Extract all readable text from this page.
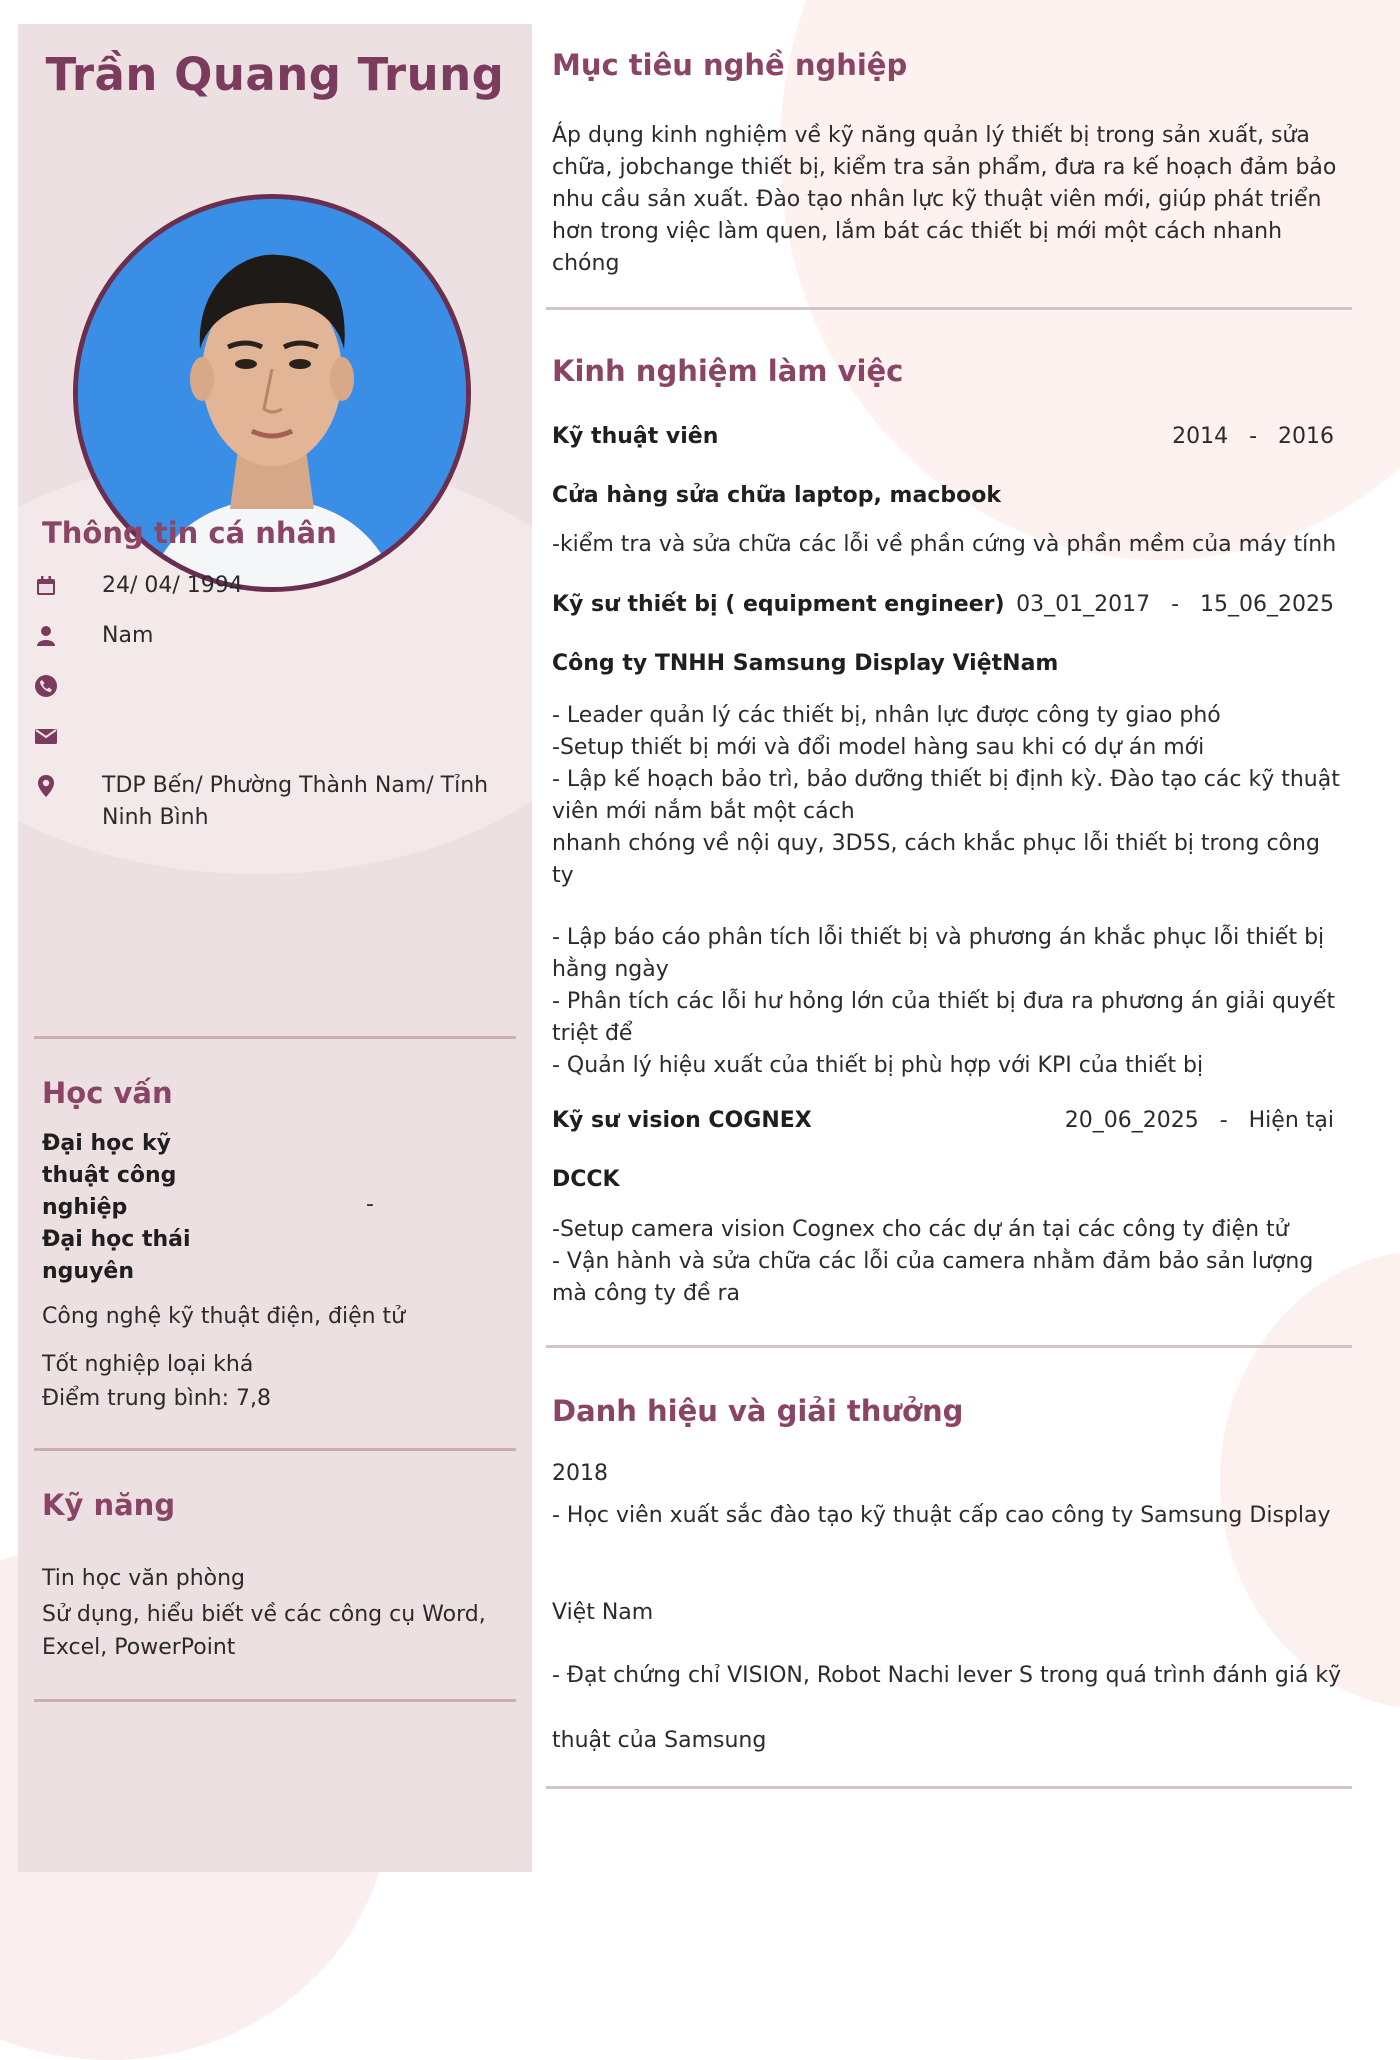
Trần Quang Trung
Thông tin cá nhân
24/ 04/ 1994
Nam
TDP Bến/ Phường Thành Nam/ Tỉnh Ninh Bình
Học vấn
Đại học kỹ thuật công nghiệp
Đại học thái nguyên
-
Công nghệ kỹ thuật điện, điện tử
Tốt nghiệp loại khá
Điểm trung bình: 7,8
Kỹ năng
Tin học văn phòng
Sử dụng, hiểu biết về các công cụ Word, Excel, PowerPoint
Mục tiêu nghề nghiệp
Áp dụng kinh nghiệm về kỹ năng quản lý thiết bị trong sản xuất, sửa chữa, jobchange thiết bị, kiểm tra sản phẩm, đưa ra kế hoạch đảm bảo nhu cầu sản xuất. Đào tạo nhân lực kỹ thuật viên mới, giúp phát triển hơn trong việc làm quen, lắm bát các thiết bị mới một cách nhanh chóng
Kinh nghiệm làm việc
Kỹ thuật viên	2014   -   2016
Cửa hàng sửa chữa laptop, macbook
-kiểm tra và sửa chữa các lỗi về phần cứng và phần mềm của máy tính
Kỹ sư thiết bị ( equipment engineer) 03_01_2017   -   15_06_2025
Công ty TNHH Samsung Display ViệtNam
- Leader quản lý các thiết bị, nhân lực được công ty giao phó
-Setup thiết bị mới và đổi model hàng sau khi có dự án mới
- Lập kế hoạch bảo trì, bảo dưỡng thiết bị định kỳ. Đào tạo các kỹ thuật viên mới nắm bắt một cách
nhanh chóng về nội quy, 3D5S, cách khắc phục lỗi thiết bị trong công ty
- Lập báo cáo phân tích lỗi thiết bị và phương án khắc phục lỗi thiết bị hằng ngày
- Phân tích các lỗi hư hỏng lớn của thiết bị đưa ra phương án giải quyết triệt để
- Quản lý hiệu xuất của thiết bị phù hợp với KPI của thiết bị
Kỹ sư vision COGNEX	20_06_2025   -   Hiện tại
DCCK
-Setup camera vision Cognex cho các dự án tại các công ty điện tử
- Vận hành và sửa chữa các lỗi của camera nhằm đảm bảo sản lượng mà công ty đề ra
Danh hiệu và giải thưởng
2018
- Học viên xuất sắc đào tạo kỹ thuật cấp cao công ty Samsung Display
Việt Nam
- Đạt chứng chỉ VISION, Robot Nachi lever S trong quá trình đánh giá kỹ
thuật của Samsung
